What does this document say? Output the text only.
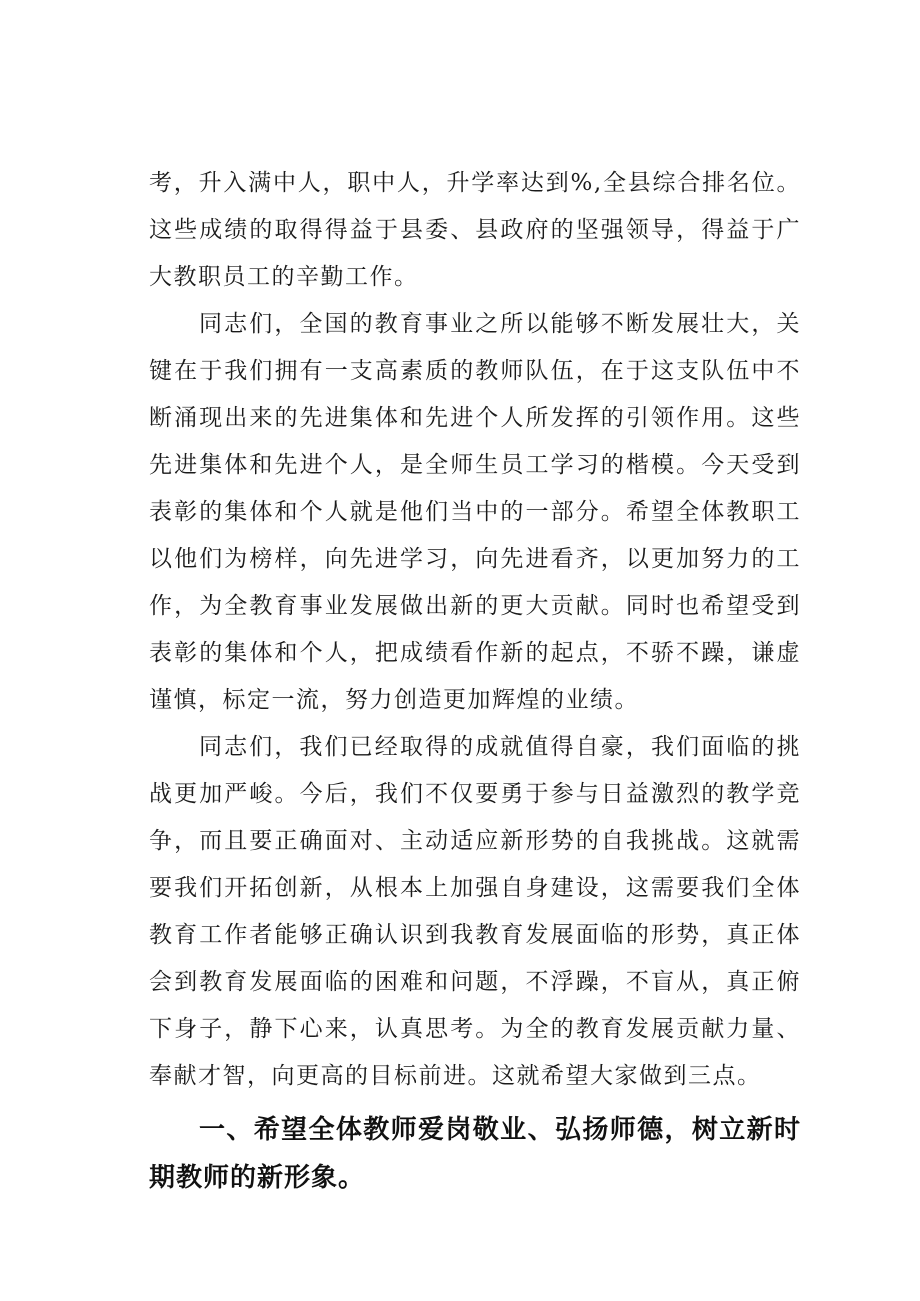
考，升入满中人，职中人，升学率达到%,全县综合排名位。这些成绩的取得得益于县委、县政府的坚强领导，得益于广大教职员工的辛勤工作。

同志们，全国的教育事业之所以能够不断发展壮大，关键在于我们拥有一支高素质的教师队伍，在于这支队伍中不断涌现出来的先进集体和先进个人所发挥的引领作用。这些先进集体和先进个人，是全师生员工学习的楷模。今天受到表彰的集体和个人就是他们当中的一部分。希望全体教职工以他们为榜样，向先进学习，向先进看齐，以更加努力的工作，为全教育事业发展做出新的更大贡献。同时也希望受到表彰的集体和个人，把成绩看作新的起点，不骄不躁，谦虚谨慎，标定一流，努力创造更加辉煌的业绩。

同志们，我们已经取得的成就值得自豪，我们面临的挑战更加严峻。今后，我们不仅要勇于参与日益激烈的教学竞争，而且要正确面对、主动适应新形势的自我挑战。这就需要我们开拓创新，从根本上加强自身建设，这需要我们全体教育工作者能够正确认识到我教育发展面临的形势，真正体会到教育发展面临的困难和问题，不浮躁，不盲从，真正俯下身子，静下心来，认真思考。为全的教育发展贡献力量、奉献才智，向更高的目标前进。这就希望大家做到三点。

一、希望全体教师爱岗敬业、弘扬师德，树立新时期教师的新形象。
